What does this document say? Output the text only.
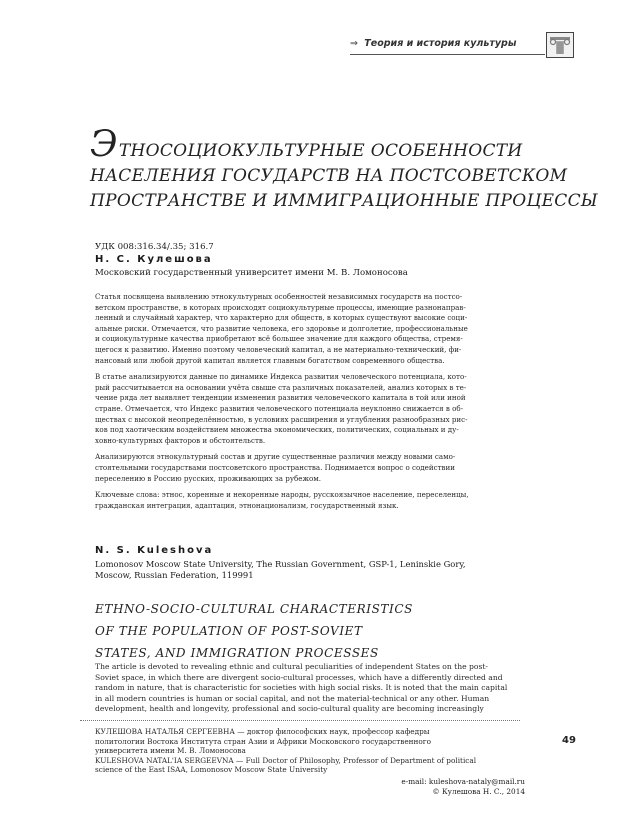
⇒ Теория и история культуры
ЭТНОСОЦИОКУЛЬТУРНЫЕ ОСОБЕННОСТИ
НАСЕЛЕНИЯ ГОСУДАРСТВ НА ПОСТСОВЕТСКОМ
ПРОСТРАНСТВЕ И ИММИГРАЦИОННЫЕ ПРОЦЕССЫ
УДК 008:316.34/.35; 316.7
Н. С. Кулешова
Московский государственный университет имени М. В. Ломоносова
Статья посвящена выявлению этнокультурных особенностей независимых государств на постсо-
ветском пространстве, в которых происходят социокультурные процессы, имеющие разнонаправ-
ленный и случайный характер, что характерно для обществ, в которых существуют высокие соци-
альные риски. Отмечается, что развитие человека, его здоровье и долголетие, профессиональные
и социокультурные качества приобретают всё большее значение для каждого общества, стремя-
щегося к развитию. Именно поэтому человеческий капитал, а не материально-технический, фи-
нансовый или любой другой капитал является главным богатством современного общества.
В статье анализируются данные по динамике Индекса развития человеческого потенциала, кото-
рый рассчитывается на основании учёта свыше ста различных показателей, анализ которых в те-
чение ряда лет выявляет тенденции изменения развития человеческого капитала в той или иной
стране. Отмечается, что Индекс развития человеческого потенциала неуклонно снижается в об-
ществах с высокой неопределённостью, в условиях расширения и углубления разнообразных рис-
ков под хаотическим воздействием множества экономических, политических, социальных и ду-
ховно-культурных факторов и обстоятельств.
Анализируются этнокультурный состав и другие существенные различия между новыми само-
стоятельными государствами постсоветского пространства. Поднимается вопрос о содействии
переселению в Россию русских, проживающих за рубежом.
Ключевые слова: этнос, коренные и некоренные народы, русскоязычное население, переселенцы,
гражданская интеграция, адаптация, этнонационализм, государственный язык.
N. S. Kuleshova
Lomonosov Moscow State University, The Russian Government, GSP-1, Leninskie Gory,
Moscow, Russian Federation, 119991
ETHNO-SOCIO-CULTURAL CHARACTERISTICS
OF THE POPULATION OF POST-SOVIET
STATES, AND IMMIGRATION PROCESSES
The article is devoted to revealing ethnic and cultural peculiarities of independent States on the post-
Soviet space, in which there are divergent socio-cultural processes, which have a differently directed and
random in nature, that is characteristic for societies with high social risks. It is noted that the main capital
in all modern countries is human or social capital, and not the material-technical or any other. Human
development, health and longevity, professional and socio-cultural quality are becoming increasingly
КУЛЕШОВА НАТАЛЬЯ СЕРГЕЕВНА — доктор философских наук, профессор кафедры
политологии Востока Института стран Азии и Африки Московского государственного
университета имени М. В. Ломоносова
KULESHOVA NATAL'IA SERGEEVNA — Full Doctor of Philosophy, Professor of Department of political
science of the East ISAA, Lomonosov Moscow State University
e-mail: kuleshova-nataly@mail.ru
© Кулешова Н. С., 2014
49
